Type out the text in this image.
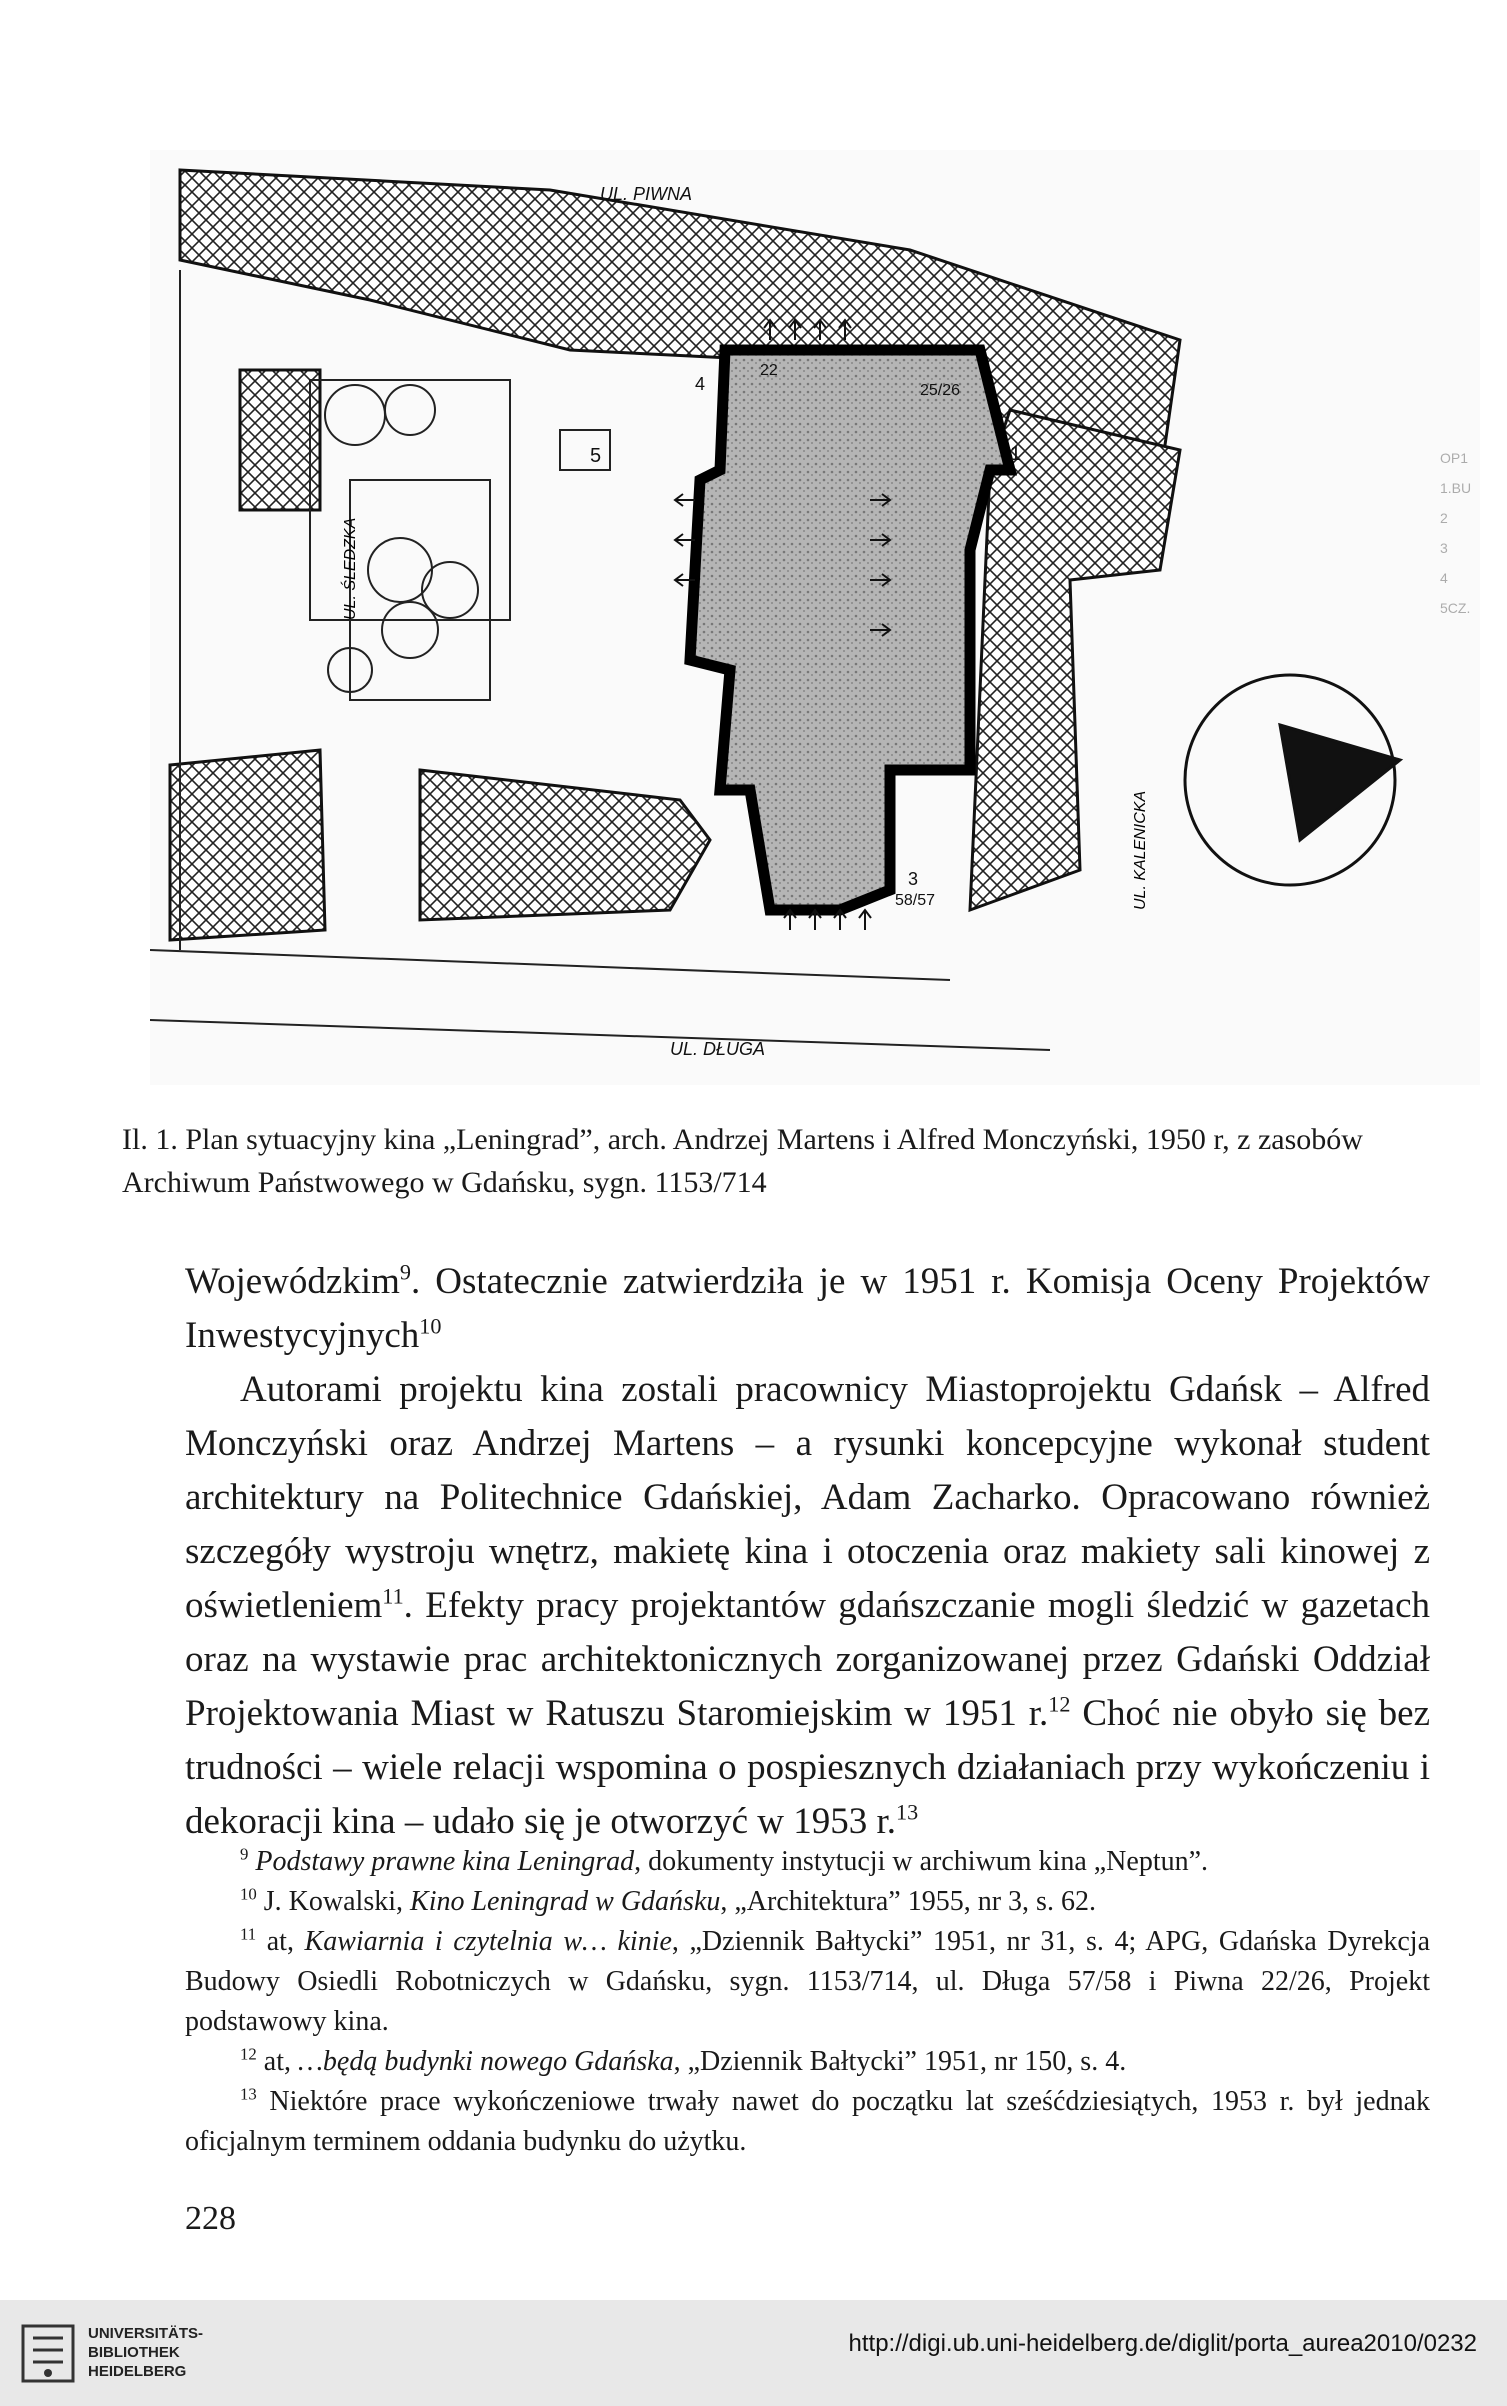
UL. PIWNA
UL. DŁUGA
22
25/26
58/57
1
3
4
5
UL. ŚLEDZKA
UL. KALENICKA
OP1
1.BU
2
3
4
5CZ.
Il. 1. Plan sytuacyjny kina „Leningrad”, arch. Andrzej Martens i Alfred Monczyński, 1950 r, z zasobów Archiwum Państwowego w Gdańsku, sygn. 1153/714

Wojewódzkim$^9$. Ostatecznie zatwierdziła je w 1951 r. Komisja Oceny Projektów Inwestycyjnych$^{10}$

Autorami projektu kina zostali pracownicy Miastoprojektu Gdańsk – Alfred Monczyński oraz Andrzej Martens – a rysunki koncepcyjne wykonał student architektury na Politechnice Gdańskiej, Adam Zacharko. Opracowano również szczegóły wystroju wnętrz, makietę kina i otoczenia oraz makiety sali kinowej z oświetleniem$^{11}$. Efekty pracy projektantów gdańszczanie mogli śledzić w gazetach oraz na wystawie prac architektonicznych zorganizowanej przez Gdański Oddział Projektowania Miast w Ratuszu Staromiejskim w 1951 r.$^{12}$ Choć nie obyło się bez trudności – wiele relacji wspomina o pospiesznych działaniach przy wykończeniu i dekoracji kina – udało się je otworzyć w 1953 r.$^{13}$

$^9$ Podstawy prawne kina Leningrad, dokumenty instytucji w archiwum kina „Neptun”.

$^{10}$ J. Kowalski, Kino Leningrad w Gdańsku, „Architektura” 1955, nr 3, s. 62.

$^{11}$ at, Kawiarnia i czytelnia w… kinie, „Dziennik Bałtycki” 1951, nr 31, s. 4; APG, Gdańska Dyrekcja Budowy Osiedli Robotniczych w Gdańsku, sygn. 1153/714, ul. Długa 57/58 i Piwna 22/26, Projekt podstawowy kina.

$^{12}$ at, …będą budynki nowego Gdańska, „Dziennik Bałtycki” 1951, nr 150, s. 4.

$^{13}$ Niektóre prace wykończeniowe trwały nawet do początku lat sześćdziesiątych, 1953 r. był jednak oficjalnym terminem oddania budynku do użytku.

228
UNIVERSITÄTS-
BIBLIOTHEK
HEIDELBERG
http://digi.ub.uni-heidelberg.de/diglit/porta_aurea2010/0232
